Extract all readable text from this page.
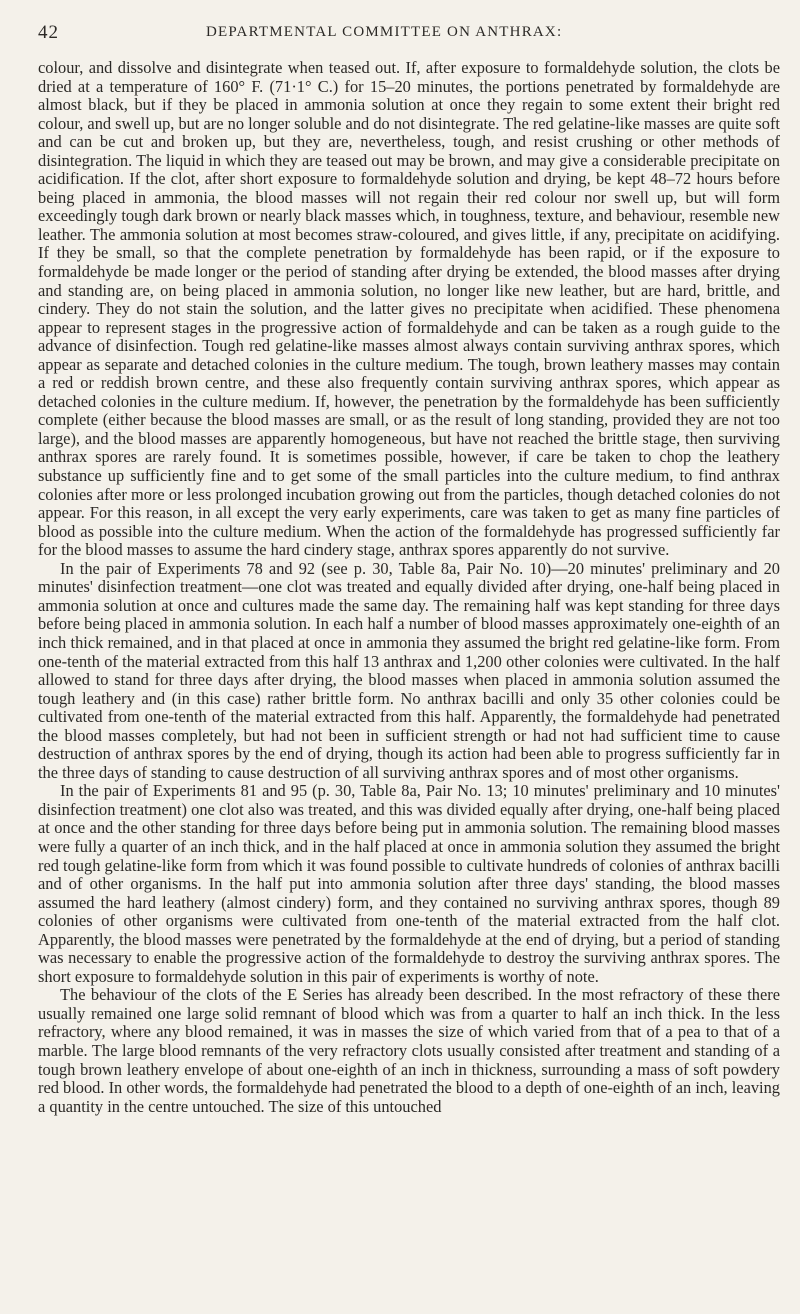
42	DEPARTMENTAL COMMITTEE ON ANTHRAX:

colour, and dissolve and disintegrate when teased out. If, after exposure to formaldehyde solution, the clots be dried at a temperature of 160° F. (71·1° C.) for 15–20 minutes, the portions penetrated by formaldehyde are almost black, but if they be placed in ammonia solution at once they regain to some extent their bright red colour, and swell up, but are no longer soluble and do not disintegrate. The red gelatine-like masses are quite soft and can be cut and broken up, but they are, nevertheless, tough, and resist crushing or other methods of disintegration. The liquid in which they are teased out may be brown, and may give a considerable precipitate on acidification. If the clot, after short exposure to formaldehyde solution and drying, be kept 48–72 hours before being placed in ammonia, the blood masses will not regain their red colour nor swell up, but will form exceedingly tough dark brown or nearly black masses which, in toughness, texture, and behaviour, resemble new leather. The ammonia solution at most becomes straw-coloured, and gives little, if any, precipitate on acidifying. If they be small, so that the complete penetration by formaldehyde has been rapid, or if the exposure to formaldehyde be made longer or the period of standing after drying be extended, the blood masses after drying and standing are, on being placed in ammonia solution, no longer like new leather, but are hard, brittle, and cindery. They do not stain the solution, and the latter gives no precipitate when acidified. These phenomena appear to represent stages in the progressive action of formaldehyde and can be taken as a rough guide to the advance of disinfection. Tough red gelatine-like masses almost always contain surviving anthrax spores, which appear as separate and detached colonies in the culture medium. The tough, brown leathery masses may contain a red or reddish brown centre, and these also frequently contain surviving anthrax spores, which appear as detached colonies in the culture medium. If, however, the penetration by the formaldehyde has been sufficiently complete (either because the blood masses are small, or as the result of long standing, provided they are not too large), and the blood masses are apparently homogeneous, but have not reached the brittle stage, then surviving anthrax spores are rarely found. It is sometimes possible, however, if care be taken to chop the leathery substance up sufficiently fine and to get some of the small particles into the culture medium, to find anthrax colonies after more or less prolonged incubation growing out from the particles, though detached colonies do not appear. For this reason, in all except the very early experiments, care was taken to get as many fine particles of blood as possible into the culture medium. When the action of the formaldehyde has progressed sufficiently far for the blood masses to assume the hard cindery stage, anthrax spores apparently do not survive.

In the pair of Experiments 78 and 92 (see p. 30, Table 8a, Pair No. 10)—20 minutes' preliminary and 20 minutes' disinfection treatment—one clot was treated and equally divided after drying, one-half being placed in ammonia solution at once and cultures made the same day. The remaining half was kept standing for three days before being placed in ammonia solution. In each half a number of blood masses approximately one-eighth of an inch thick remained, and in that placed at once in ammonia they assumed the bright red gelatine-like form. From one-tenth of the material extracted from this half 13 anthrax and 1,200 other colonies were cultivated. In the half allowed to stand for three days after drying, the blood masses when placed in ammonia solution assumed the tough leathery and (in this case) rather brittle form. No anthrax bacilli and only 35 other colonies could be cultivated from one-tenth of the material extracted from this half. Apparently, the formaldehyde had penetrated the blood masses completely, but had not been in sufficient strength or had not had sufficient time to cause destruction of anthrax spores by the end of drying, though its action had been able to progress sufficiently far in the three days of standing to cause destruction of all surviving anthrax spores and of most other organisms.

In the pair of Experiments 81 and 95 (p. 30, Table 8a, Pair No. 13; 10 minutes' preliminary and 10 minutes' disinfection treatment) one clot also was treated, and this was divided equally after drying, one-half being placed at once and the other standing for three days before being put in ammonia solution. The remaining blood masses were fully a quarter of an inch thick, and in the half placed at once in ammonia solution they assumed the bright red tough gelatine-like form from which it was found possible to cultivate hundreds of colonies of anthrax bacilli and of other organisms. In the half put into ammonia solution after three days' standing, the blood masses assumed the hard leathery (almost cindery) form, and they contained no surviving anthrax spores, though 89 colonies of other organisms were cultivated from one-tenth of the material extracted from the half clot. Apparently, the blood masses were penetrated by the formaldehyde at the end of drying, but a period of standing was necessary to enable the progressive action of the formaldehyde to destroy the surviving anthrax spores. The short exposure to formaldehyde solution in this pair of experiments is worthy of note.

The behaviour of the clots of the E Series has already been described. In the most refractory of these there usually remained one large solid remnant of blood which was from a quarter to half an inch thick. In the less refractory, where any blood remained, it was in masses the size of which varied from that of a pea to that of a marble. The large blood remnants of the very refractory clots usually consisted after treatment and standing of a tough brown leathery envelope of about one-eighth of an inch in thickness, surrounding a mass of soft powdery red blood. In other words, the formaldehyde had penetrated the blood to a depth of one-eighth of an inch, leaving a quantity in the centre untouched. The size of this untouched
